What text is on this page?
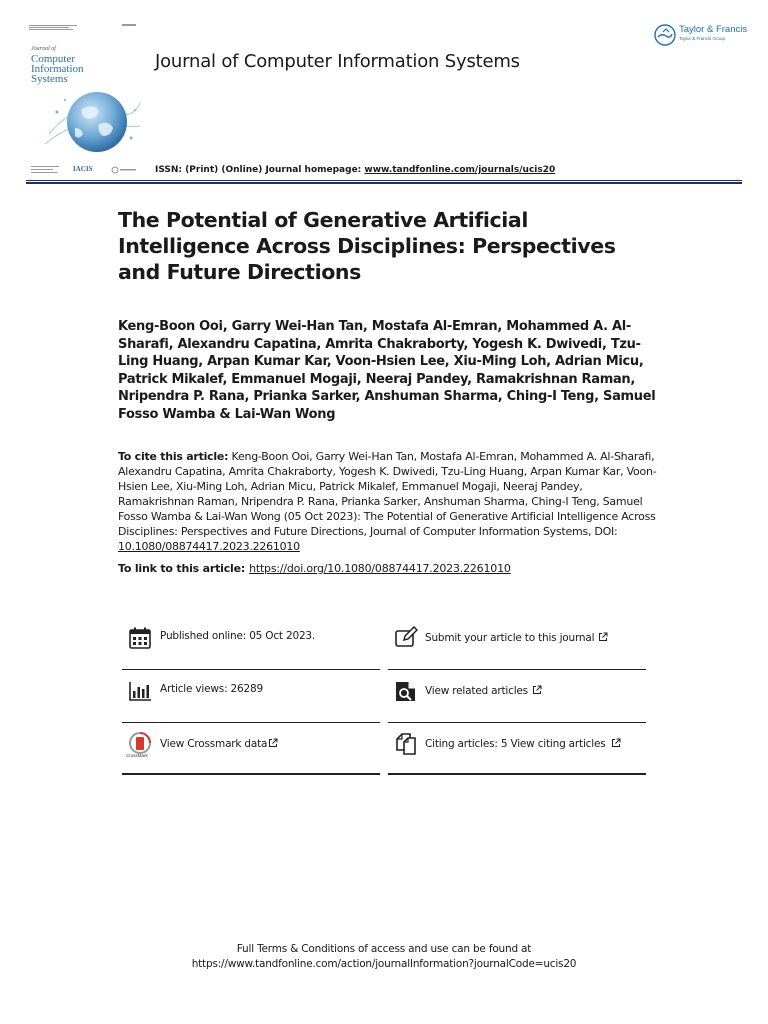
Journal of
Computer
Information
Systems
IACIS
Journal of Computer Information Systems
Taylor & Francis
Taylor & Francis Group
ISSN: (Print) (Online) Journal homepage: www.tandfonline.com/journals/ucis20
The Potential of Generative Artificial Intelligence Across Disciplines: Perspectives and Future Directions
Keng-Boon Ooi, Garry Wei-Han Tan, Mostafa Al-Emran, Mohammed A. Al-Sharafi, Alexandru Capatina, Amrita Chakraborty, Yogesh K. Dwivedi, Tzu-Ling Huang, Arpan Kumar Kar, Voon-Hsien Lee, Xiu-Ming Loh, Adrian Micu, Patrick Mikalef, Emmanuel Mogaji, Neeraj Pandey, Ramakrishnan Raman, Nripendra P. Rana, Prianka Sarker, Anshuman Sharma, Ching-I Teng, Samuel Fosso Wamba & Lai-Wan Wong
To cite this article: Keng-Boon Ooi, Garry Wei-Han Tan, Mostafa Al-Emran, Mohammed A. Al-Sharafi, Alexandru Capatina, Amrita Chakraborty, Yogesh K. Dwivedi, Tzu-Ling Huang, Arpan Kumar Kar, Voon-Hsien Lee, Xiu-Ming Loh, Adrian Micu, Patrick Mikalef, Emmanuel Mogaji, Neeraj Pandey, Ramakrishnan Raman, Nripendra P. Rana, Prianka Sarker, Anshuman Sharma, Ching-I Teng, Samuel Fosso Wamba & Lai-Wan Wong (05 Oct 2023): The Potential of Generative Artificial Intelligence Across Disciplines: Perspectives and Future Directions, Journal of Computer Information Systems, DOI: 10.1080/08874417.2023.2261010
To link to this article: https://doi.org/10.1080/08874417.2023.2261010
Published online: 05 Oct 2023.	Submit your article to this journal
Article views: 26289	View related articles
CrossMark
View Crossmark data	Citing articles: 5 View citing articles
Full Terms & Conditions of access and use can be found at
https://www.tandfonline.com/action/journalInformation?journalCode=ucis20
